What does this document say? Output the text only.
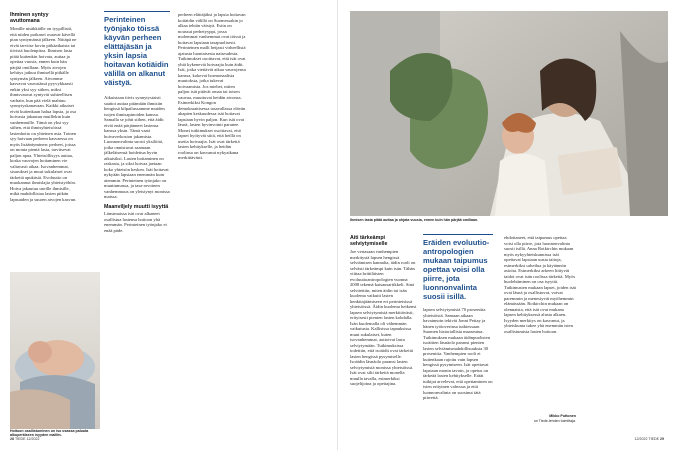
Ihminen syntyy avuttomana

Monille nisäkkäille on tyypillistä, että niiden poikaset osaavat kävellä pian syntymänsä jälkeen. Niitäpä ne eivät tarvitse kovin pitkäaikaista tai tiivistä huolenpitoa. Ihmisen lasta pitää kuitenkin hoivata, auttaa ja opettaa vuosia, ennen kuin hän pärjää omillaan. Myös aivojen kehitys jatkuu ihmisellä pitkälle syntymän jälkeen. Aivomme kasvavat vauvaiässä pyyvykkaasti enkin yksi syy siihen, miksi ihmisvauvat syntyvät suhteellisen varhain, kun pää vielä mahtuu synnytyskanavaan. Kaikki aikuiset eivät kuitenkaan halua lapsia, ja osa hoivasta jakautuu muillekin kuin vanhemmille. Tämä on yksi syy siihen, että ihmisyhteisöissä lastenhoito on yhteinen asia. Toinen syy hoivaan perheen kasvaessa on myös lisääntyminen: perheet, joissa on monta pientä lasta, tarvitsevat paljon apua. Yhteisöllisyys auttaa, koska vauvojen hoitaminen vie valtavasti aikaa. Isovanhemmat, sisarukset ja muut sukulaiset ovat tärkeitä apukäsiä. Evoluutio on muokannut ihmislajia yhteistyöhön. Hoiva jakautuu useille ihmisille, mikä mahdollistaa lasten pitkän lapsuuden ja suuren aivojen kasvun.

Perinteinen työnjako töissä käyvän perheen elättäjäsän ja yksin lapsia hoitavan kotiäidin välillä on alkanut väistyä.

Aikuistaan tiivis synnytystaisti saattoi auttaa pitämään ihmisiin hengissä kilpailussamme muiden isojen ihmisapinoiden kanssa. Samalla se johti siihen, että äidit eivät enää pärjänneet lastensa kanssa yksin. Tämä vaati hoivaverkoston jakamista. Luonnonvalinta suosii yksilöitä, jotka onnistuvat saamaan jälkeläisensä hoidettua hyvin aikuisiksi. Lasten hoitaminen on raskasta, ja siksi hoivaa jaetaan koko yhteisön kesken. Isät hoitavat nykyään lapsiaan enemmän kuin aiemmin. Perinteinen työnjako on muuttumassa, ja tasa-arvoinen vanhemmuus on yleistynyt monissa maissa.

Maanviljely muutti isyyttä

Länsimaissa isät ovat alkaneet osallistua lastensa hoitoon yhä enemmän. Perinteinen työnjako ei enää päde.

perheen elättäjäksi ja lapsia hoitavan kotiäidin välillä on Suomessakin jo alkaa tehtän väistyä. Esiin on noussut perhetyyppi, jossa molemmat vanhemmat ovat töissä ja hoitavat lapsiaan tasapuolisesti. Perinteinen malli heijasti virheellistä ajatusta luontaisesta naiseudesta. Tutkimukset osoittavat, että isät ovat yhtä kykeneviä hoivaajia kuin äidit. Isät, jotka viettävät aikaa vauvojensa kanssa, kokevat hormonaalisia muutoksia, jotka tukevat hoivaamista. Jos miehet, miten paljon isät pitävät omaa tai toisen vauvaa, muuttuvat heidän aivonsa. Esimerkiksi Kongon demokraattisessa tasavallassa elävän akapien keskuudessa isät hoitavat lapsiaan hyvin paljon. Kun isät ovat läsnä, lasten hyvinvointi paranee. Monet tutkimukset osoittavat, että lapset hyötyvät siitä, että heillä on useita hoivaajia. Isät ovat tärkeitä lasten kehitykselle, ja heidän roolinsa on kasvanut nykyaikana merkittävästi.

Hoitoon osallistuminen on iso osassa paluuta alkuperäiseen isyyden malliin.
28 TIEDE 12/2022
Ihmisen lasta pitää auttaa ja ohjata vuosia, ennen kuin hän pärjää omillaan.

Äiti tärkeämpi selviytymiselle

Joe vertasaan vanhempien merkitystä lapsen hengissä selviämisen kannalta, äidin rooli on selvästi tärkeämpi kuin isän. Tähän viittaa brittiläisten evoluutioantropologien vuonna 2008 tekemä katsausartikkeli. Sinä selvitettiin, miten äidin tai isän kuolema vaikutti lasten henkiinjäämiseen eri perinteisissä yhteisöissä. Äidin kuolema heikensi lapsen selviytymistä merkittävästi, erityisesti pienten lasten kohdalla. Isän kuolemalla oli vähemmän vaikutusta. Kallisissa tapauksissa muut sukulaiset, kuten isovanhemmat, auttoivat lasta selviytymään. Tutkimuksissa todettiin, että isoäidit ovat tärkeitä lasten hengissä pysymiselle. Isoäidin läsnäolo paransi lasten selviytymistä monissa yhteisöissä. Isät ovat silti tärkeitä monella muulla tavalla, esimerkiksi suojelijoina ja opettajina.

Eräiden evoluutio-antropologien mukaan taipumus opettaa voisi olla piirre, jota luonnonvalinta suosii isillä.

lapsen selviytymistä 70 prosenttia yhteisöistä. Samaan aikaan havainnoin tekivät Jonni Pettay ja hänen työtoverinsa tutkiessaan Suomen historiallista maaseutua. Tutkimuksen mukaan äidinpuolisten isoäitien läsnäolo paransi pienten lasten selviämismahdollisuuksia 30 prosenttia. Vanhempien rooli ei kuitenkaan rajoitu vain lapsen hengissä pysymiseen. Isät opettavat lapsiaan monin tavoin, ja opetus on tärkeää lasten kehitykselle. Eräät tutkijat arvelevat, että opettaminen on isien erityinen vahvuus ja että luonnonvalinta on suosinut tätä piirrettä.

ehdottaneet, että taipumus opettaa voisi olla piirre, jota luonnonvalinta suosii isillä. Anna Rotkirchin mukaan myös nykyyhteiskunnissa isät opettavat lapsiaan uusia taitoja, esimerkiksi urheilua ja käytännön asioita. Esimerkiksi arkeen liittyvät taidot ovat isän roolissa tärkeitä. Myös huolehtiminen on osa isyyttä. Tutkimusten mukaan lapset, joiden isät ovat läsnä ja osallistuvat, voivat paremmin ja menestyvät myöhemmin elämässään. Rotkirchin mukaan on olennaista, että isät ovat mukana lapsen kehityksessä alusta alkaen. Isyyden merkitys on kasvanut, ja yhteiskunta tukee yhä enemmän isien osallistumista lasten hoitoon.

Mikko Puttonen
on Tiede-lehden toimittaja.
12/2022 TIEDE 29
